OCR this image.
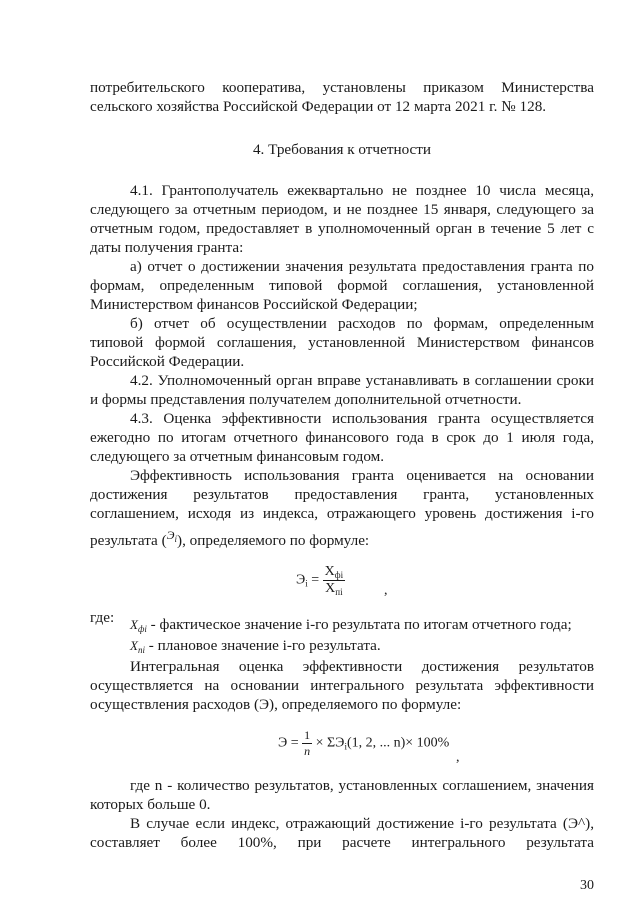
потребительского кооператива, установлены приказом Министерства
сельского хозяйства Российской Федерации от 12 марта 2021 г. № 128.
4. Требования к отчетности
4.1. Грантополучатель ежеквартально не позднее 10 числа месяца,
следующего за отчетным периодом, и не позднее 15 января, следующего за
отчетным годом, предоставляет в уполномоченный орган в течение 5 лет с
даты получения гранта:
а) отчет о достижении значения результата предоставления гранта по
формам, определенным типовой формой соглашения, установленной
Министерством финансов Российской Федерации;
б) отчет об осуществлении расходов по формам, определенным
типовой формой соглашения, установленной Министерством финансов
Российской Федерации.
4.2. Уполномоченный орган вправе устанавливать в соглашении сроки
и формы представления получателем дополнительной отчетности.
4.3. Оценка эффективности использования гранта осуществляется
ежегодно по итогам отчетного финансового года в срок до 1 июля года,
следующего за отчетным финансовым годом.
Эффективность использования гранта оценивается на основании
достижения результатов предоставления гранта, установленных
соглашением, исходя из индекса, отражающего уровень достижения i-го
результата ($^{Э_i}$), определяемого по формуле:
$Э_i = \frac{X_{фi}}{X_{пi}}$	,
где:	$X_{фi}$ - фактическое значение i-го результата по итогам отчетного года;
$X_{пi}$ - плановое значение i-го результата.
Интегральная оценка эффективности достижения результатов
осуществляется на основании интегрального результата эффективности
осуществления расходов (Э), определяемого по формуле:
$Э = \frac{1}{n} \times \Sigma Э_i(1$, 2, ... n)× 100%
,
где n - количество результатов, установленных соглашением, значения
которых больше 0.
В случае если индекс, отражающий достижение i-го результата (Э^),
составляет более 100%, при расчете интегрального результата
30
